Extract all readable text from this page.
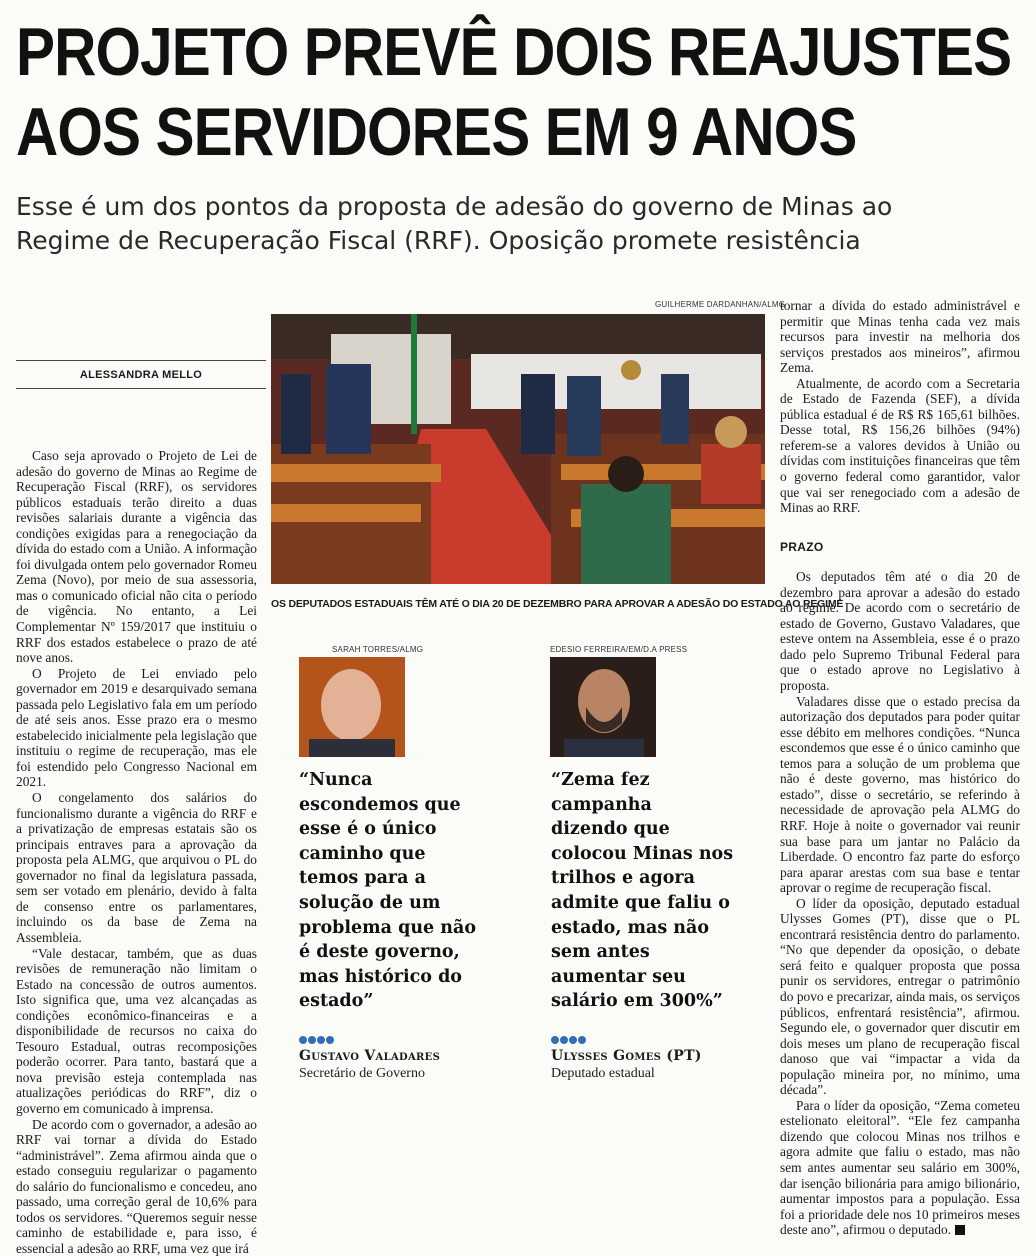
PROJETO PREVÊ DOIS REAJUSTES
AOS SERVIDORES EM 9 ANOS
Esse é um dos pontos da proposta de adesão do governo de Minas ao
Regime de Recuperação Fiscal (RRF). Oposição promete resistência
ALESSANDRA MELLO

Caso seja aprovado o Projeto de Lei de adesão do governo de Minas ao Regime de Recuperação Fiscal (RRF), os servidores públicos estaduais terão direito a duas revisões salariais durante a vigência das condições exigidas para a renegociação da dívida do estado com a União. A informação foi divulgada ontem pelo governador Romeu Zema (Novo), por meio de sua assessoria, mas o comunicado oficial não cita o período de vigência. No entanto, a Lei Complementar Nº 159/2017 que instituiu o RRF dos estados estabelece o prazo de até nove anos.

O Projeto de Lei enviado pelo governador em 2019 e desarquivado semana passada pelo Legislativo fala em um período de até seis anos. Esse prazo era o mesmo estabelecido inicialmente pela legislação que instituiu o regime de recuperação, mas ele foi estendido pelo Congresso Nacional em 2021.

O congelamento dos salários do funcionalismo durante a vigência do RRF e a privatização de empresas estatais são os principais entraves para a aprovação da proposta pela ALMG, que arquivou o PL do governador no final da legislatura passada, sem ser votado em plenário, devido à falta de consenso entre os parlamentares, incluindo os da base de Zema na Assembleia.

“Vale destacar, também, que as duas revisões de remuneração não limitam o Estado na concessão de outros aumentos. Isto significa que, uma vez alcançadas as condições econômico-financeiras e a disponibilidade de recursos no caixa do Tesouro Estadual, outras recomposições poderão ocorrer. Para tanto, bastará que a nova previsão esteja contemplada nas atualizações periódicas do RRF”, diz o governo em comunicado à imprensa.

De acordo com o governador, a adesão ao RRF vai tornar a dívida do Estado “administrável”. Zema afirmou ainda que o estado conseguiu regularizar o pagamento do salário do funcionalismo e concedeu, ano passado, uma correção geral de 10,6% para todos os servidores. “Queremos seguir nesse caminho de estabilidade e, para isso, é essencial a adesão ao RRF, uma vez que irá

GUILHERME DARDANHAN/ALMG
OS DEPUTADOS ESTADUAIS TÊM ATÉ O DIA 20 DE DEZEMBRO PARA APROVAR A ADESÃO DO ESTADO AO REGIME
SARAH TORRES/ALMG
“Nunca
escondemos que
esse é o único
caminho que
temos para a
solução de um
problema que não
é deste governo,
mas histórico do
estado”
Gustavo Valadares
Secretário de Governo
EDESIO FERREIRA/EM/D.A PRESS
“Zema fez
campanha
dizendo que
colocou Minas nos
trilhos e agora
admite que faliu o
estado, mas não
sem antes
aumentar seu
salário em 300%”
Ulysses Gomes (PT)
Deputado estadual

tornar a dívida do estado administrável e permitir que Minas tenha cada vez mais recursos para investir na melhoria dos serviços prestados aos mineiros”, afirmou Zema.

Atualmente, de acordo com a Secretaria de Estado de Fazenda (SEF), a dívida pública estadual é de R$ R$ 165,61 bilhões. Desse total, R$ 156,26 bilhões (94%) referem-se a valores devidos à União ou dívidas com instituições financeiras que têm o governo federal como garantidor, valor que vai ser renegociado com a adesão de Minas ao RRF.

PRAZO

Os deputados têm até o dia 20 de dezembro para aprovar a adesão do estado ao regime. De acordo com o secretário de estado de Governo, Gustavo Valadares, que esteve ontem na Assembleia, esse é o prazo dado pelo Supremo Tribunal Federal para que o estado aprove no Legislativo à proposta.

Valadares disse que o estado precisa da autorização dos deputados para poder quitar esse débito em melhores condições. “Nunca escondemos que esse é o único caminho que temos para a solução de um problema que não é deste governo, mas histórico do estado”, disse o secretário, se referindo à necessidade de aprovação pela ALMG do RRF. Hoje à noite o governador vai reunir sua base para um jantar no Palácio da Liberdade. O encontro faz parte do esforço para aparar arestas com sua base e tentar aprovar o regime de recuperação fiscal.

O líder da oposição, deputado estadual Ulysses Gomes (PT), disse que o PL encontrará resistência dentro do parlamento. “No que depender da oposição, o debate será feito e qualquer proposta que possa punir os servidores, entregar o patrimônio do povo e precarizar, ainda mais, os serviços públicos, enfrentará resistência”, afirmou. Segundo ele, o governador quer discutir em dois meses um plano de recuperação fiscal danoso que vai “impactar a vida da população mineira por, no mínimo, uma década”.

Para o líder da oposição, “Zema cometeu estelionato eleitoral”. “Ele fez campanha dizendo que colocou Minas nos trilhos e agora admite que faliu o estado, mas não sem antes aumentar seu salário em 300%, dar isenção bilionária para amigo bilionário, aumentar impostos para a população. Essa foi a prioridade dele nos 10 primeiros meses deste ano”, afirmou o deputado.
